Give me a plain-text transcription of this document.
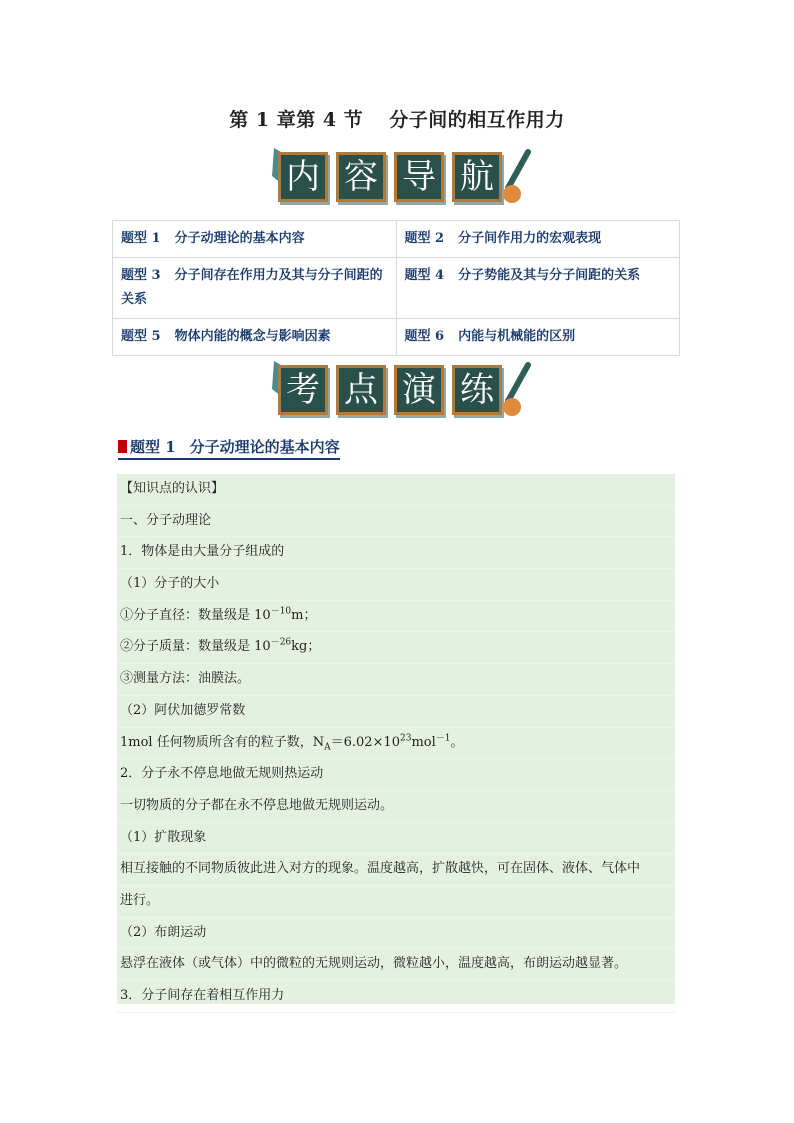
第 1 章第 4 节 分子间的相互作用力
内 容 导 航
题型 1 分子动理论的基本内容	题型 2 分子间作用力的宏观表现
题型 3 分子间存在作用力及其与分子间距的关系	题型 4 分子势能及其与分子间距的关系
题型 5 物体内能的概念与影响因素	题型 6 内能与机械能的区别
考 点 演 练
题型 1 分子动理论的基本内容
【知识点的认识】
一、分子动理论
1．物体是由大量分子组成的
（1）分子的大小
①分子直径：数量级是 $10^{-10}m$；
②分子质量：数量级是 $10^{-26}kg$；
③测量方法：油膜法。
（2）阿伏加德罗常数
1mol 任何物质所含有的粒子数，$N_A=6.02\times 10^{23}mol^{-1}$。
2．分子永不停息地做无规则热运动
一切物质的分子都在永不停息地做无规则运动。
（1）扩散现象
相互接触的不同物质彼此进入对方的现象。温度越高，扩散越快，可在固体、液体、气体中
进行。
（2）布朗运动
悬浮在液体（或气体）中的微粒的无规则运动，微粒越小，温度越高，布朗运动越显著。
3．分子间存在着相互作用力
